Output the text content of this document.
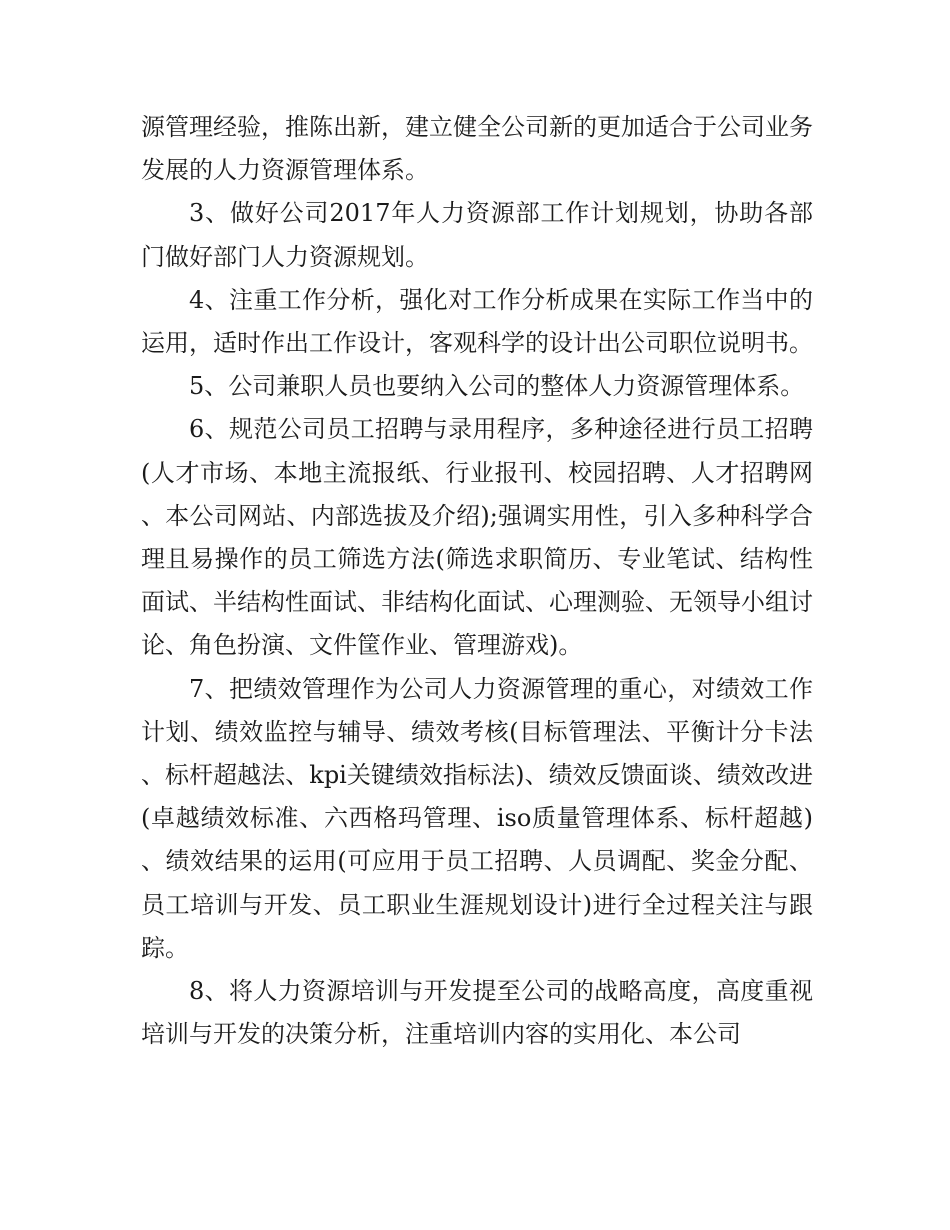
源管理经验，推陈出新，建立健全公司新的更加适合于公司业务发展的人力资源管理体系。

3、做好公司2017年人力资源部工作计划规划，协助各部门做好部门人力资源规划。

4、注重工作分析，强化对工作分析成果在实际工作当中的运用，适时作出工作设计，客观科学的设计出公司职位说明书。

5、公司兼职人员也要纳入公司的整体人力资源管理体系。

6、规范公司员工招聘与录用程序，多种途径进行员工招聘(人才市场、本地主流报纸、行业报刊、校园招聘、人才招聘网、本公司网站、内部选拔及介绍);强调实用性，引入多种科学合理且易操作的员工筛选方法(筛选求职简历、专业笔试、结构性面试、半结构性面试、非结构化面试、心理测验、无领导小组讨论、角色扮演、文件筐作业、管理游戏)。

7、把绩效管理作为公司人力资源管理的重心，对绩效工作计划、绩效监控与辅导、绩效考核(目标管理法、平衡计分卡法、标杆超越法、kpi关键绩效指标法)、绩效反馈面谈、绩效改进(卓越绩效标准、六西格玛管理、iso质量管理体系、标杆超越)、绩效结果的运用(可应用于员工招聘、人员调配、奖金分配、员工培训与开发、员工职业生涯规划设计)进行全过程关注与跟踪。

8、将人力资源培训与开发提至公司的战略高度，高度重视培训与开发的决策分析，注重培训内容的实用化、本公司
